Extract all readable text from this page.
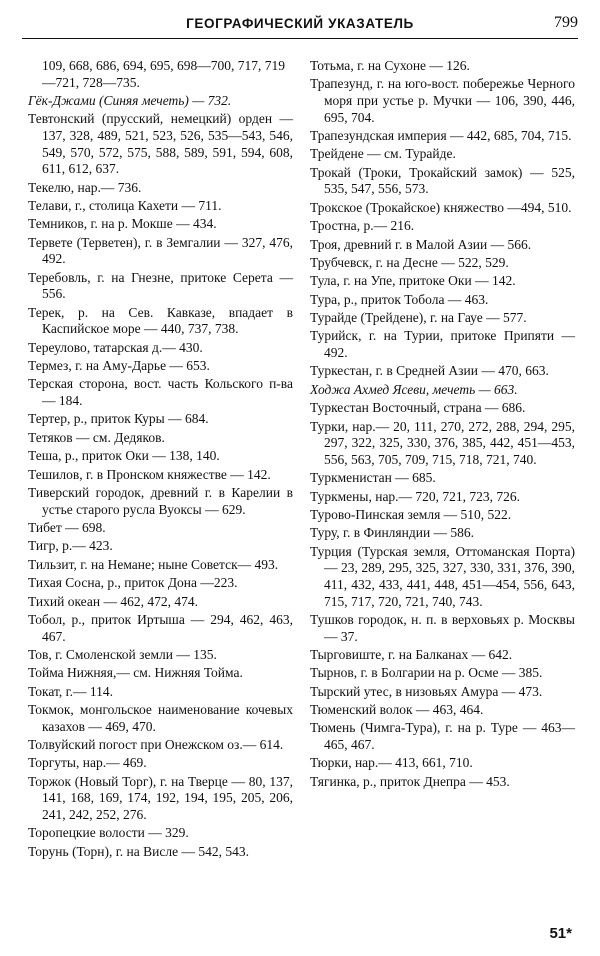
ГЕОГРАФИЧЕСКИЙ УКАЗАТЕЛЬ	799
109, 668, 686, 694, 695, 698—700, 717, 719—721, 728—735.
Гёк-Джами (Синяя мечеть) — 732.
Тевтонский (прусский, немецкий) орден — 137, 328, 489, 521, 523, 526, 535—543, 546, 549, 570, 572, 575, 588, 589, 591, 594, 608, 611, 612, 637.
Текелю, нар.— 736.
Телави, г., столица Кахети — 711.
Темников, г. на р. Мокше — 434.
Тервете (Тервeтен), г. в Земгалии — 327, 476, 492.
Теребовль, г. на Гнезне, притоке Серета — 556.
Терек, р. на Сев. Кавказе, впадает в Каспийское море — 440, 737, 738.
Тереулово, татарская д.— 430.
Термез, г. на Аму-Дарье — 653.
Терская сторона, вост. часть Кольского п-ва — 184.
Тертер, р., приток Куры — 684.
Тетяков — см. Дедяков.
Теша, р., приток Оки — 138, 140.
Тешилов, г. в Пронском княжестве — 142.
Тиверский городок, древний г. в Карелии в устье старого русла Вуоксы — 629.
Тибет — 698.
Тигр, р.— 423.
Тильзит, г. на Немане; ныне Советск— 493.
Тихая Сосна, р., приток Дона —223.
Тихий океан — 462, 472, 474.
Тобол, р., приток Иртыша — 294, 462, 463, 467.
Тов, г. Смоленской земли — 135.
Тойма Нижняя,— см. Нижняя Тойма.
Токат, г.— 114.
Токмок, монгольское наименование кочевых казахов — 469, 470.
Толвуйский погост при Онежском оз.— 614.
Торгуты, нар.— 469.
Торжок (Новый Торг), г. на Тверце — 80, 137, 141, 168, 169, 174, 192, 194, 195, 205, 206, 241, 242, 252, 276.
Торопецкие волости — 329.
Торунь (Торн), г. на Висле — 542, 543.
Тотьма, г. на Сухоне — 126.
Трапезунд, г. на юго-вост. побережье Черного моря при устье р. Мучки — 106, 390, 446, 695, 704.
Трапезундская империя — 442, 685, 704, 715.
Трейдене — см. Турайде.
Трокай (Троки, Трокайский замок) — 525, 535, 547, 556, 573.
Трокское (Трокайское) княжество —494, 510.
Тростна, р.— 216.
Троя, древний г. в Малой Азии — 566.
Трубчевск, г. на Десне — 522, 529.
Тула, г. на Упе, притоке Оки — 142.
Тура, р., приток Тобола — 463.
Турайде (Трейдене), г. на Гауе — 577.
Турийск, г. на Турии, притоке Припяти — 492.
Туркестан, г. в Средней Азии — 470, 663.
Ходжа Ахмед Ясеви, мечеть — 663.
Туркестан Восточный, страна — 686.
Турки, нар.— 20, 111, 270, 272, 288, 294, 295, 297, 322, 325, 330, 376, 385, 442, 451—453, 556, 563, 705, 709, 715, 718, 721, 740.
Туркменистан — 685.
Туркмены, нар.— 720, 721, 723, 726.
Турово-Пинская земля — 510, 522.
Туру, г. в Финляндии — 586.
Турция (Турская земля, Оттоманская Порта) — 23, 289, 295, 325, 327, 330, 331, 376, 390, 411, 432, 433, 441, 448, 451—454, 556, 643, 715, 717, 720, 721, 740, 743.
Тушков городок, н. п. в верховьях р. Москвы — 37.
Тырговиште, г. на Балканах — 642.
Тырнов, г. в Болгарии на р. Осме — 385.
Тырский утес, в низовьях Амура — 473.
Тюменский волок — 463, 464.
Тюмень (Чимга-Тура), г. на р. Туре — 463—465, 467.
Тюрки, нар.— 413, 661, 710.
Тягинка, р., приток Днепра — 453.
51*
